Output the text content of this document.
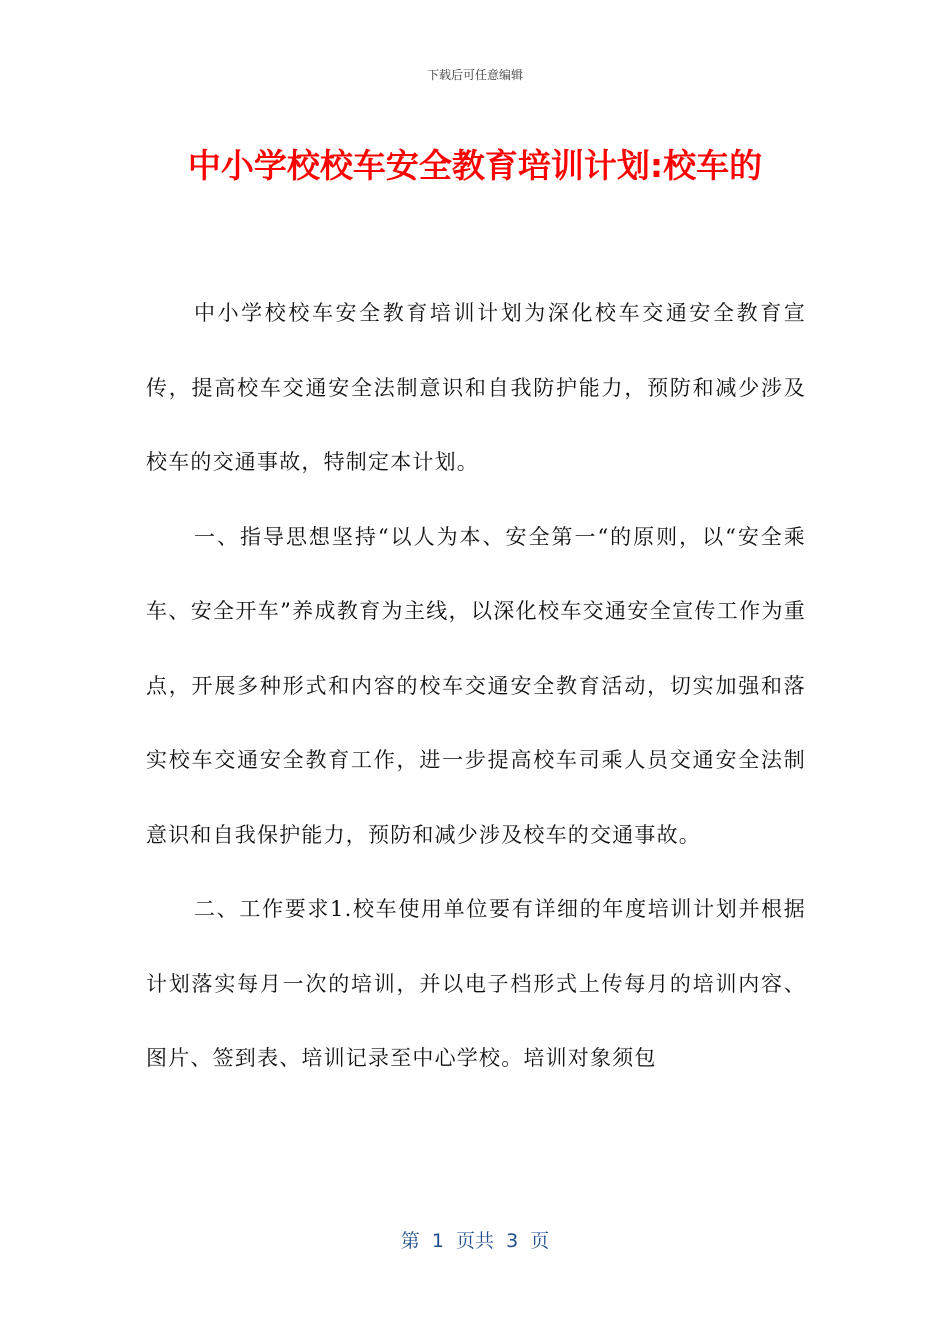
下载后可任意编辑
中小学校校车安全教育培训计划:校车的

中小学校校车安全教育培训计划为深化校车交通安全教育宣传，提高校车交通安全法制意识和自我防护能力，预防和减少涉及校车的交通事故，特制定本计划。

一、指导思想坚持“以人为本、安全第一“的原则，以“安全乘车、安全开车”养成教育为主线，以深化校车交通安全宣传工作为重点，开展多种形式和内容的校车交通安全教育活动，切实加强和落实校车交通安全教育工作，进一步提高校车司乘人员交通安全法制意识和自我保护能力，预防和减少涉及校车的交通事故。

二、工作要求1.校车使用单位要有详细的年度培训计划并根据计划落实每月一次的培训，并以电子档形式上传每月的培训内容、图片、签到表、培训记录至中心学校。培训对象须包

第  1  页共  3  页
